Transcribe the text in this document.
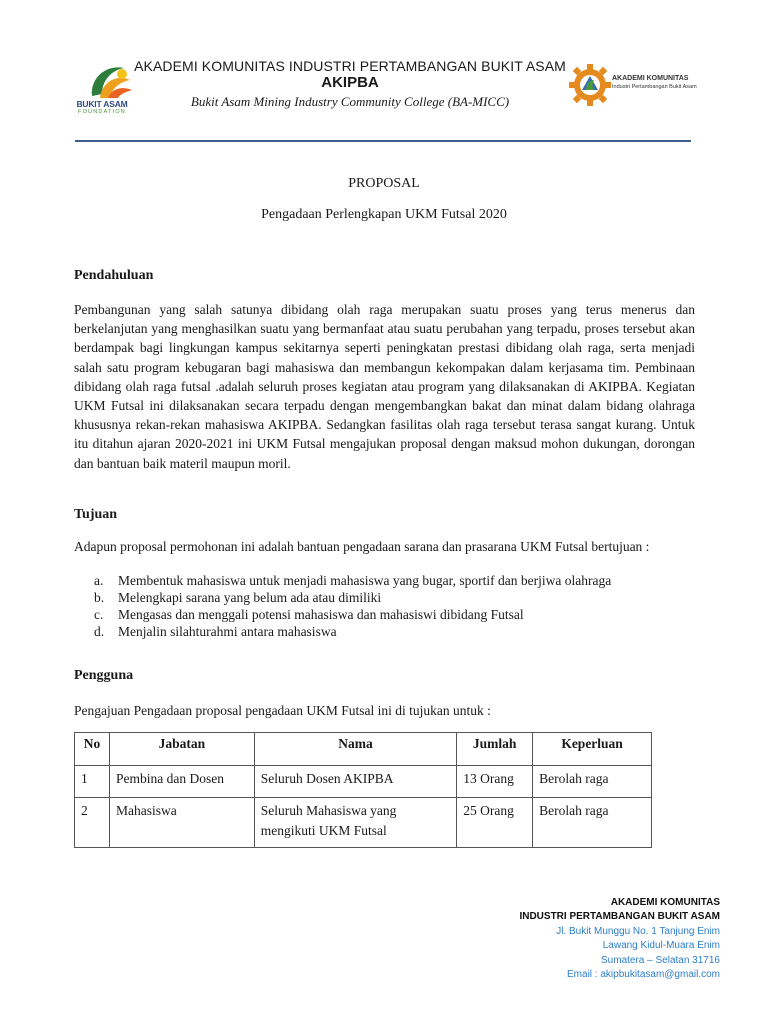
BUKIT ASAM
FOUNDATION
AKADEMI KOMUNITAS INDUSTRI PERTAMBANGAN BUKIT ASAM
AKIPBA
Bukit Asam Mining Industry Community College (BA-MICC)
AKADEMI KOMUNITAS
Industri Pertambangan Bukit Asam
PROPOSAL
Pengadaan Perlengkapan UKM Futsal 2020
Pendahuluan

Pembangunan yang salah satunya dibidang olah raga merupakan suatu proses yang terus menerus dan berkelanjutan yang menghasilkan suatu yang bermanfaat atau suatu perubahan yang terpadu, proses tersebut akan berdampak bagi lingkungan kampus sekitarnya seperti peningkatan prestasi dibidang olah raga, serta menjadi salah satu program kebugaran bagi mahasiswa dan membangun kekompakan dalam kerjasama tim. Pembinaan dibidang olah raga futsal .adalah seluruh proses kegiatan atau program yang dilaksanakan di AKIPBA. Kegiatan UKM Futsal ini dilaksanakan secara terpadu dengan mengembangkan bakat dan minat dalam bidang olahraga khususnya rekan-rekan mahasiswa AKIPBA. Sedangkan fasilitas olah raga tersebut terasa sangat kurang. Untuk itu ditahun ajaran 2020-2021 ini UKM Futsal mengajukan proposal dengan maksud mohon dukungan, dorongan dan bantuan baik materil maupun moril.

Tujuan

Adapun proposal permohonan ini adalah bantuan pengadaan sarana dan prasarana UKM Futsal bertujuan :

a.	Membentuk mahasiswa untuk menjadi mahasiswa yang bugar, sportif dan berjiwa olahraga
b.	Melengkapi sarana yang belum ada atau dimiliki
c.	Mengasas dan menggali potensi mahasiswa dan mahasiswi dibidang Futsal
d.	Menjalin silahturahmi antara mahasiswa
Pengguna

Pengajuan Pengadaan proposal pengadaan UKM Futsal ini di tujukan untuk :

No	Jabatan	Nama	Jumlah	Keperluan
1	Pembina dan Dosen	Seluruh Dosen AKIPBA	13 Orang	Berolah raga
2	Mahasiswa	Seluruh Mahasiswa yang mengikuti UKM Futsal	25 Orang	Berolah raga
AKADEMI KOMUNITAS
INDUSTRI PERTAMBANGAN BUKIT ASAM
Jl. Bukit Munggu No. 1 Tanjung Enim
Lawang Kidul-Muara Enim
Sumatera – Selatan 31716
Email : akipbukitasam@gmail.com
